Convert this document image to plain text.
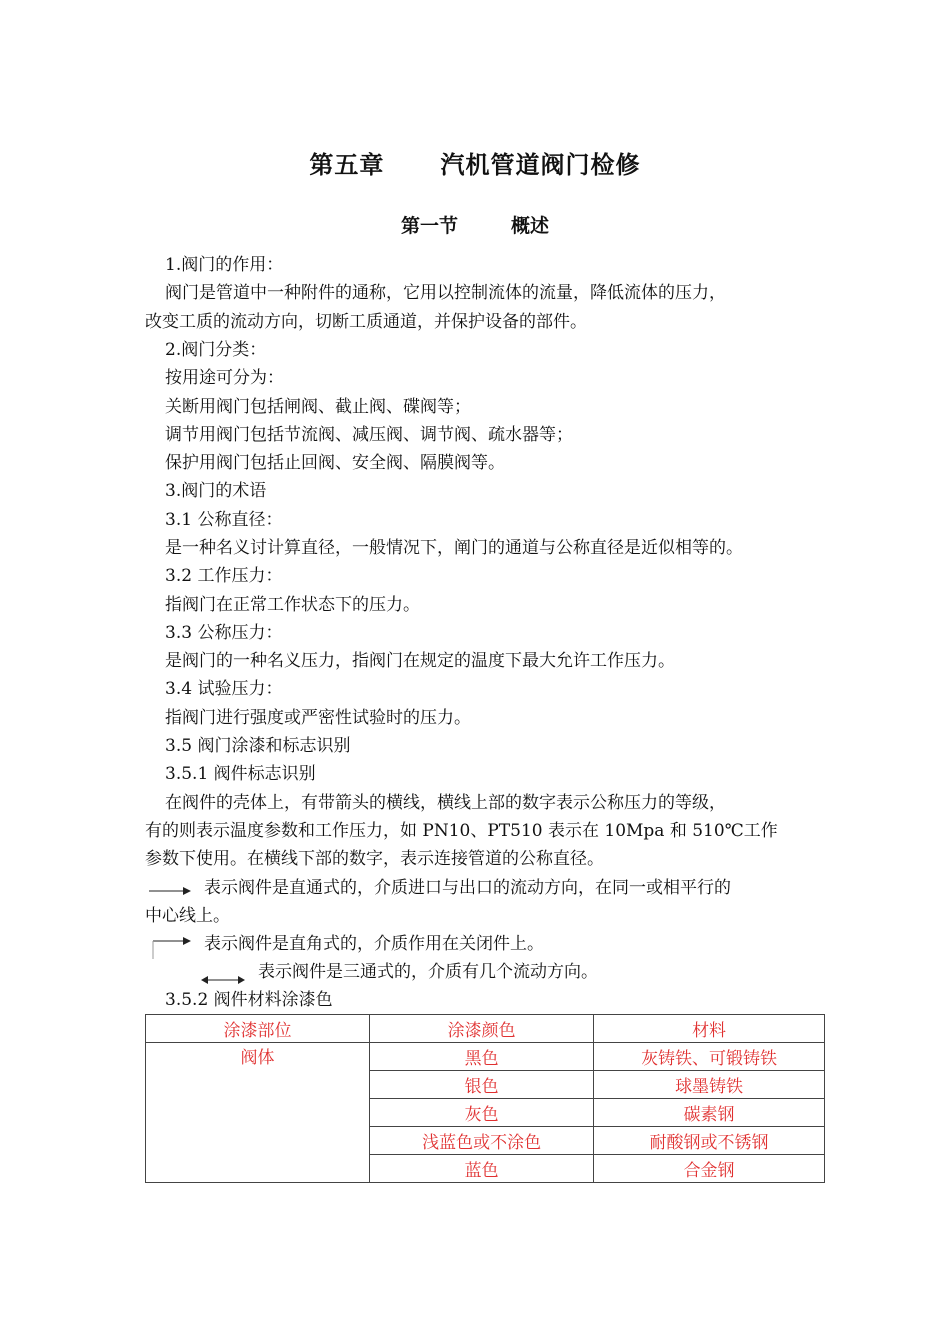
第五章      汽机管道阀门检修
第一节        概述
1.阀门的作用：
阀门是管道中一种附件的通称，它用以控制流体的流量，降低流体的压力，
改变工质的流动方向，切断工质通道，并保护设备的部件。
2.阀门分类：
按用途可分为：
关断用阀门包括闸阀、截止阀、碟阀等；
调节用阀门包括节流阀、减压阀、调节阀、疏水器等；
保护用阀门包括止回阀、安全阀、隔膜阀等。
3.阀门的术语
3.1 公称直径：
是一种名义讨计算直径，一般情况下，阐门的通道与公称直径是近似相等的。
3.2 工作压力：
指阀门在正常工作状态下的压力。
3.3 公称压力：
是阀门的一种名义压力，指阀门在规定的温度下最大允许工作压力。
3.4 试验压力：
指阀门进行强度或严密性试验时的压力。
3.5 阀门涂漆和标志识别
3.5.1 阀件标志识别
在阀件的壳体上，有带箭头的横线，横线上部的数字表示公称压力的等级，
有的则表示温度参数和工作压力，如 PN10、PT510 表示在 10Mpa 和 510℃工作
参数下使用。在横线下部的数字，表示连接管道的公称直径。
表示阀件是直通式的，介质进口与出口的流动方向，在同一或相平行的
中心线上。
表示阀件是直角式的，介质作用在关闭件上。
表示阀件是三通式的，介质有几个流动方向。
3.5.2 阀件材料涂漆色
涂漆部位	涂漆颜色	材料
阀体	黑色	灰铸铁、可锻铸铁
	银色	球墨铸铁
	灰色	碳素钢
	浅蓝色或不涂色	耐酸钢或不锈钢
	蓝色	合金钢
